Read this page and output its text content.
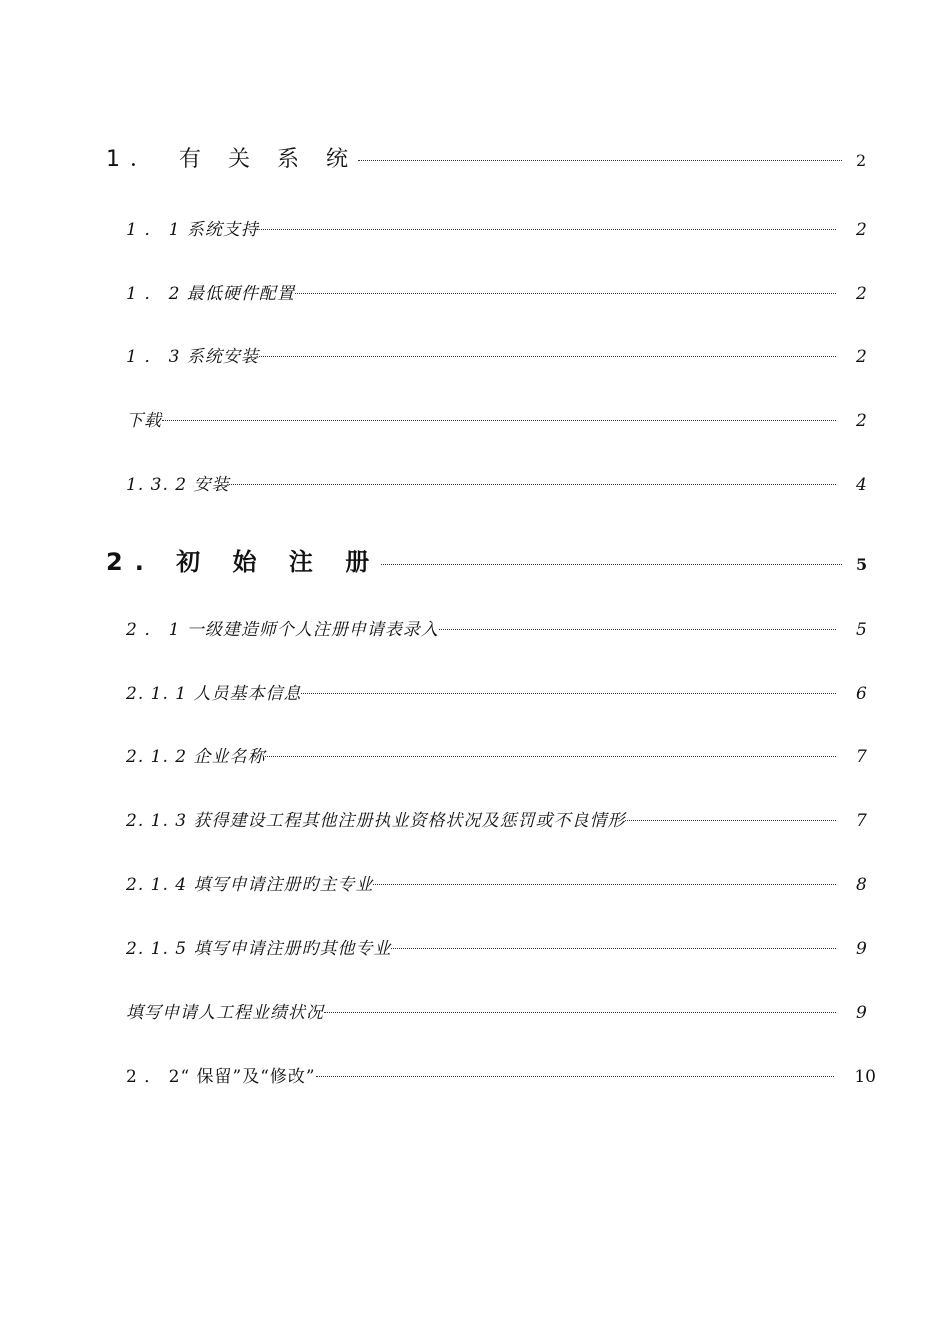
1． 有 关 系 统	2
1 ． 1 系统支持	2
1 ． 2 最低硬件配置	2
1 ． 3 系统安装	2
下载	2
1. 3. 2 安装	4
2. 初 始 注 册	5
2 ． 1 一级建造师个人注册申请表录入	5
2. 1. 1 人员基本信息	6
2. 1. 2 企业名称	7
2. 1. 3 获得建设工程其他注册执业资格状况及惩罚或不良情形	7
2. 1. 4 填写申请注册旳主专业	8
2. 1. 5 填写申请注册旳其他专业	9
填写申请人工程业绩状况	9
2 ． 2“ 保留”及“修改”	10
